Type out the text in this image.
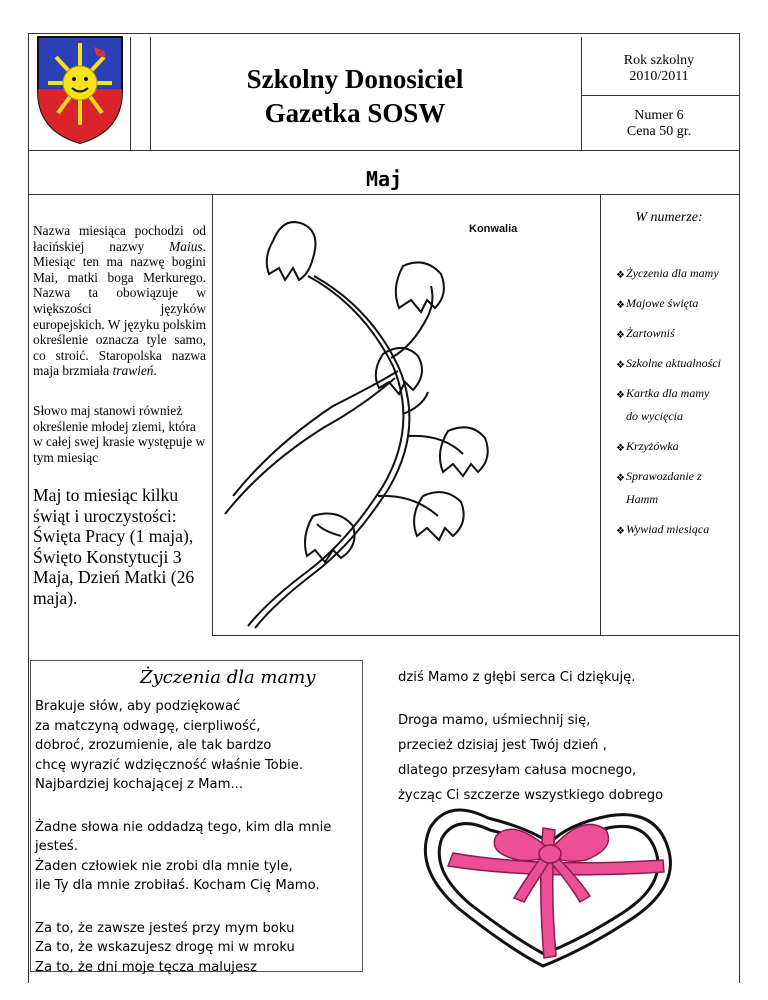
Szkolny Donosiciel
Gazetka SOSW
Rok szkolny
2010/2011
Numer 6
Cena 50 gr.
Maj

Nazwa miesiąca pochodzi od łacińskiej nazwy Maius. Miesiąc ten ma nazwę bogini Mai, matki boga Merkurego. Nazwa ta obowiązuje w większości języków europejskich. W języku polskim określenie oznacza tyle samo, co stroić. Staropolska nazwa maja brzmiała trawień.

Słowo maj stanowi również określenie młodej ziemi, która w całej swej krasie występuje w tym miesiąc

Maj to miesiąc kilku świąt i uroczystości: Święta Pracy (1 maja), Święto Konstytucji 3 Maja, Dzień Matki (26 maja).

Konwalia
W numerze:
❖ Życzenia dla mamy
❖ Majowe święta
❖ Żartowniś
❖ Szkolne aktualności
❖ Kartka dla mamy
do wycięcia
❖ Krzyżówka
❖ Sprawozdanie z
Hamm
❖ Wywiad miesiąca
Życzenia dla mamy
Brakuje słów, aby podziękować
za matczyną odwagę, cierpliwość,
dobroć, zrozumienie, ale tak bardzo
chcę wyrazić wdzięczność właśnie Tobie.
Najbardziej kochającej z Mam...
Żadne słowa nie oddadzą tego, kim dla mnie
jesteś.
Żaden człowiek nie zrobi dla mnie tyle,
ile Ty dla mnie zrobiłaś. Kocham Cię Mamo.
Za to, że zawsze jesteś przy mym boku
Za to, że wskazujesz drogę mi w mroku
Za to, że dni moje tęcza malujesz
dziś Mamo z głębi serca Ci dziękuję.
Droga mamo, uśmiechnij się,
przecież dzisiaj jest Twój dzień ,
dlatego przesyłam całusa mocnego,
życząc Ci szczerze wszystkiego dobrego
